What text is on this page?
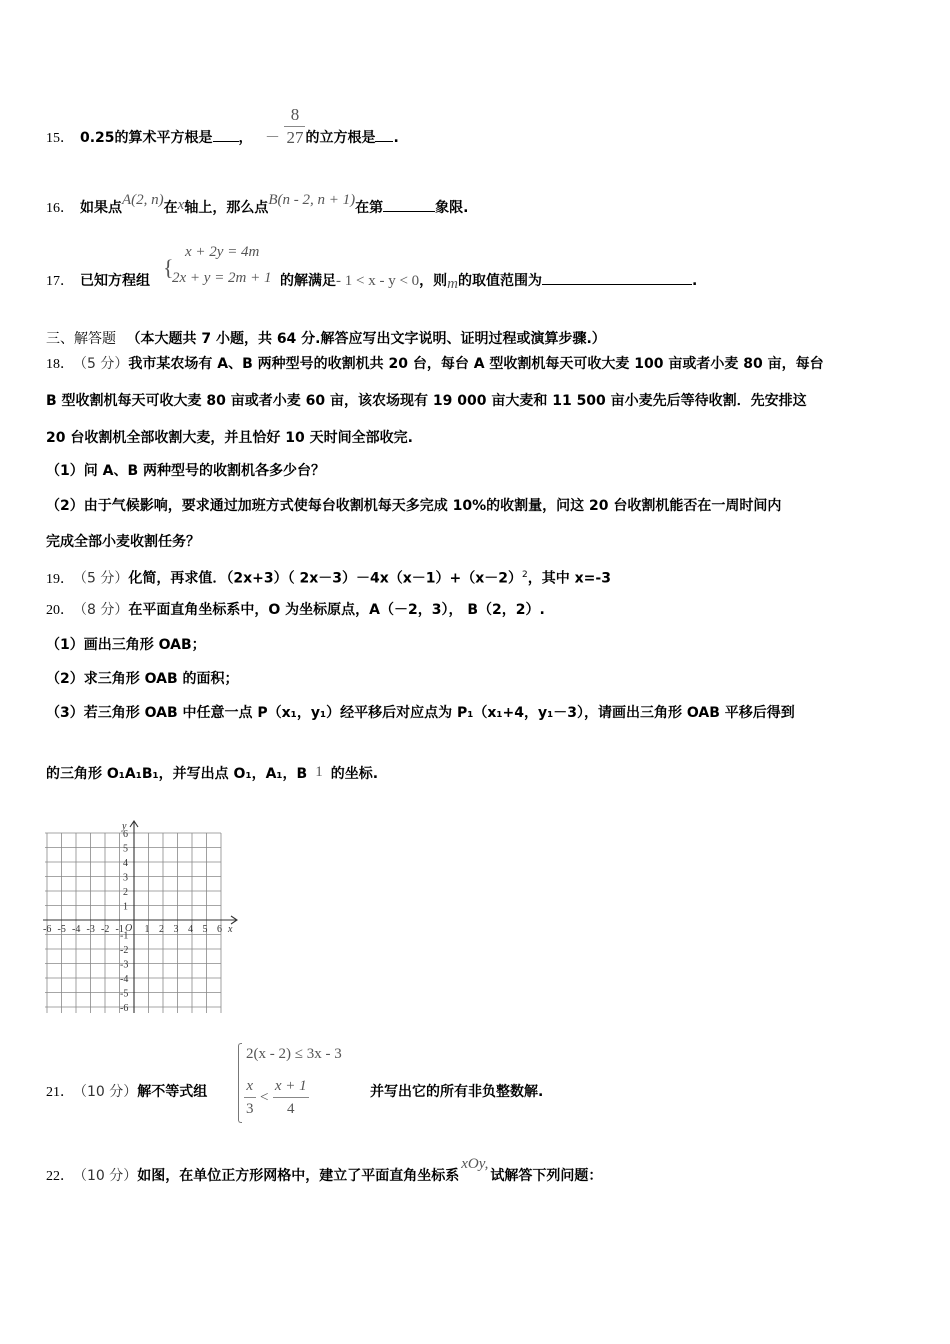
15． 0.25的算术平方根是 ， － $\frac{8}{27}$ 的立方根是 .
16． 如果点A(2, n)在x轴上，那么点B(n - 2, n + 1)在第	象限.
17． 已知方程组	的解满足- 1 < x - y < 0，则m的取值范围为	.
{
x + 2y = 4m
2x + y = 2m + 1
三、解答题 （本大题共 7 小题，共 64 分.解答应写出文字说明、证明过程或演算步骤.）
18． （5 分）我市某农场有 A、B 两种型号的收割机共 20 台，每台 A 型收割机每天可收大麦 100 亩或者小麦 80 亩，每台
B 型收割机每天可收大麦 80 亩或者小麦 60 亩，该农场现有 19 000 亩大麦和 11 500 亩小麦先后等待收割．先安排这
20 台收割机全部收割大麦，并且恰好 10 天时间全部收完.
（1）问 A、B 两种型号的收割机各多少台？
（2）由于气候影响，要求通过加班方式使每台收割机每天多完成 10%的收割量，问这 20 台收割机能否在一周时间内
完成全部小麦收割任务？
19． （5 分）化简，再求值．（2x+3）（ $2x-3)-4x(x-1)+(x-2)^2$，其中 x=-3
20． （8 分）在平面直角坐标系中，O 为坐标原点，A（－2，3）， B（2，2）.
（1）画出三角形 OAB；
（2）求三角形 OAB 的面积；
（3）若三角形 OAB 中任意一点 P（x₁，y₁）经平移后对应点为 P₁（x₁+4，y₁－3），请画出三角形 OAB 平移后得到
的三角形 O₁A₁B₁，并写出点 O₁，A₁，B 1 的坐标.
-6 -5 -4 -3 -2 -1 1 2 3 4 5 6
6
5
4
3
2
1
-1
-2
-3
-4
-5
-6
O	x
y
21． （10 分）解不等式组
2(x - 2) ≤ 3x - 3
$\frac{x}{3} < \frac{x + 1}{4}$	并写出它的所有非负整数解.
22． （10 分）如图，在单位正方形网格中，建立了平面直角坐标系xOy,试解答下列问题：
